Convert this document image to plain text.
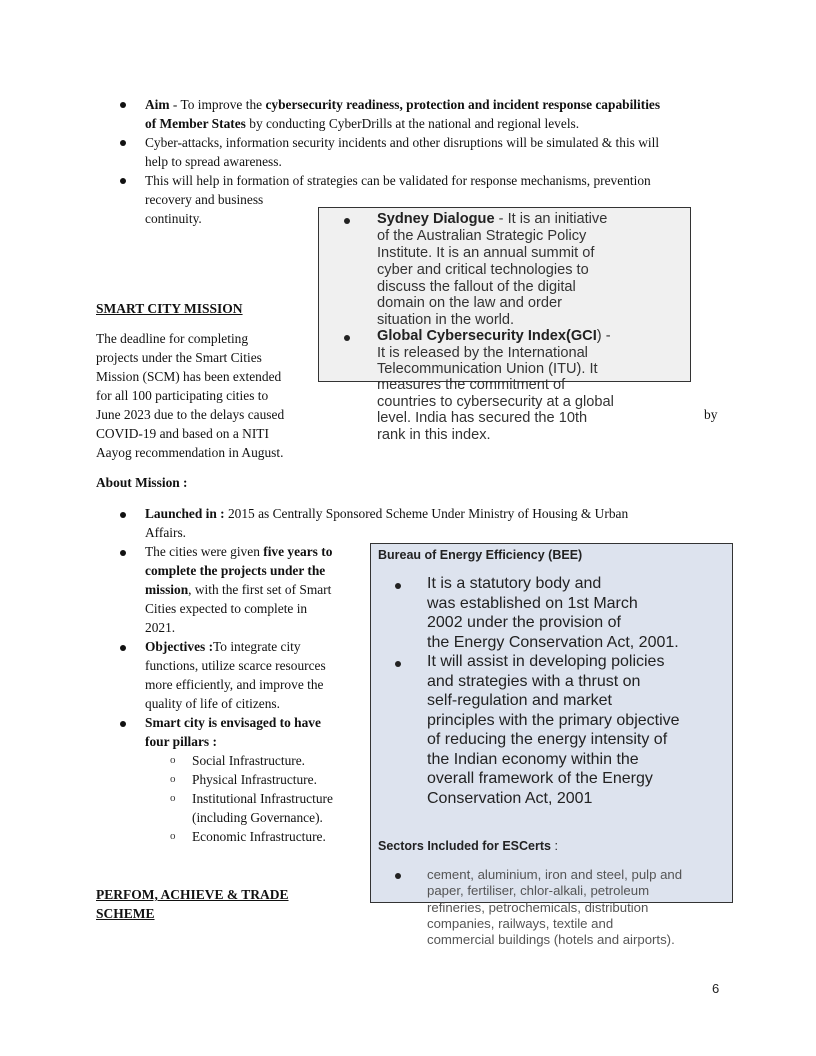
Aim - To improve the cybersecurity readiness, protection and incident response capabilities
of Member States by conducting CyberDrills at the national and regional levels.
Cyber-attacks, information security incidents and other disruptions will be simulated & this will
help to spread awareness.
This will help in formation of strategies can be validated for response mechanisms, prevention
recovery and business
continuity.	Sydney Dialogue - It is an initiative
of the Australian Strategic Policy
Institute. It is an annual summit of
cyber and critical technologies to
discuss the fallout of the digital
domain on the law and order
situation in the world.
Global Cybersecurity Index(GCI) -
It is released by the International
Telecommunication Union (ITU). It
measures the commitment of
countries to cybersecurity at a global
level. India has secured the 10th
rank in this index.
SMART CITY MISSION
The deadline for completing
projects under the Smart Cities
Mission (SCM) has been extended
for all 100 participating cities to
June 2023 due to the delays caused
COVID-19 and based on a NITI
Aayog recommendation in August.
by
About Mission :
Launched in : 2015 as Centrally Sponsored Scheme Under Ministry of Housing & Urban
Affairs.
The cities were given five years to
complete the projects under the
mission, with the first set of Smart
Cities expected to complete in
2021.
Objectives :To integrate city
functions, utilize scarce resources
more efficiently, and improve the
quality of life of citizens.
Smart city is envisaged to have
four pillars :
o Social Infrastructure.
o Physical Infrastructure.
o Institutional Infrastructure
(including Governance).
o Economic Infrastructure.
Bureau of Energy Efficiency (BEE)
It is a statutory body and
was established on 1st March
2002 under the provision of
the Energy Conservation Act, 2001.
It will assist in developing policies
and strategies with a thrust on
self-regulation and market
principles with the primary objective
of reducing the energy intensity of
the Indian economy within the
overall framework of the Energy
Conservation Act, 2001
Sectors Included for ESCerts :
cement, aluminium, iron and steel, pulp and
paper, fertiliser, chlor-alkali, petroleum
refineries, petrochemicals, distribution
companies, railways, textile and
commercial buildings (hotels and airports).
PERFOM, ACHIEVE & TRADE
SCHEME
6
